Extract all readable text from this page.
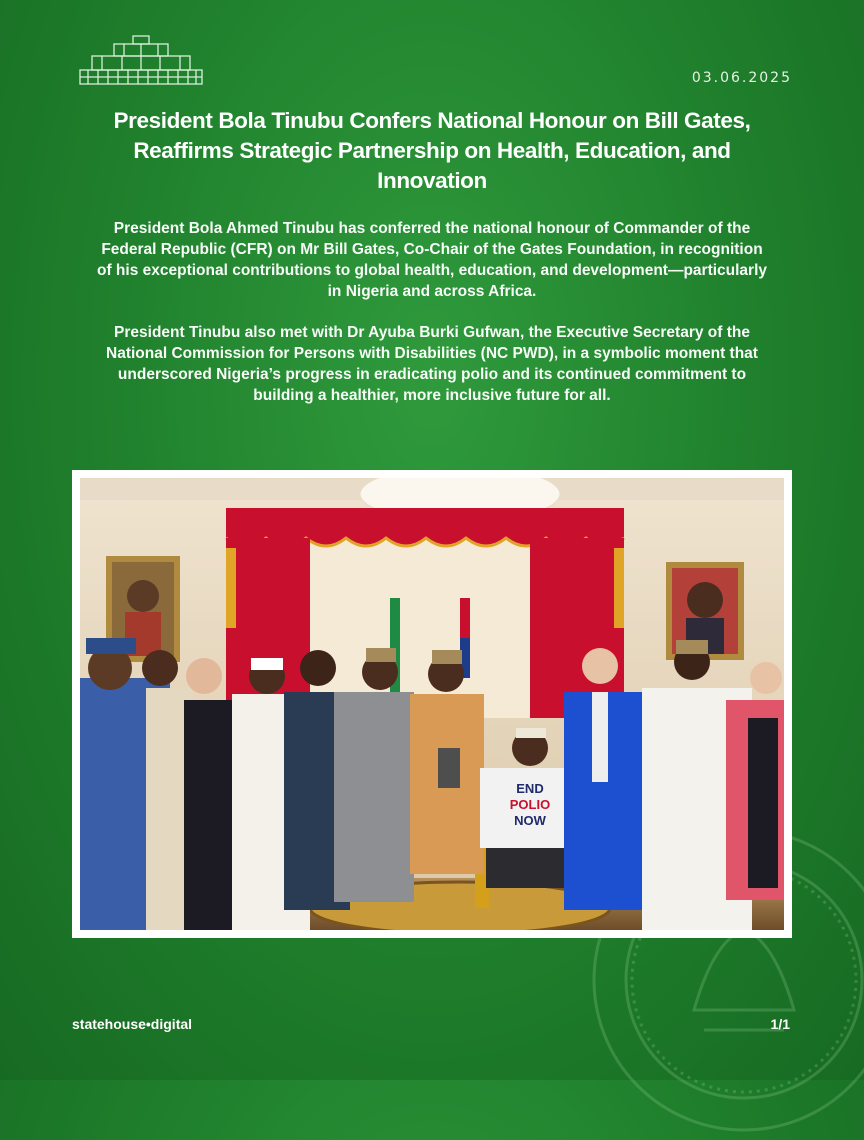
03.06.2025
President Bola Tinubu Confers National Honour on Bill Gates, Reaffirms Strategic Partnership on Health, Education, and Innovation

President Bola Ahmed Tinubu has conferred the national honour of Commander of the Federal Republic (CFR) on Mr Bill Gates, Co-Chair of the Gates Foundation, in recognition of his exceptional contributions to global health, education, and development—particularly in Nigeria and across Africa.

President Tinubu also met with Dr Ayuba Burki Gufwan, the Executive Secretary of the National Commission for Persons with Disabilities (NC PWD), in a symbolic moment that underscored Nigeria’s progress in eradicating polio and its continued commitment to building a healthier, more inclusive future for all.

END
POLIO
NOW
statehouse•digital	1/1
